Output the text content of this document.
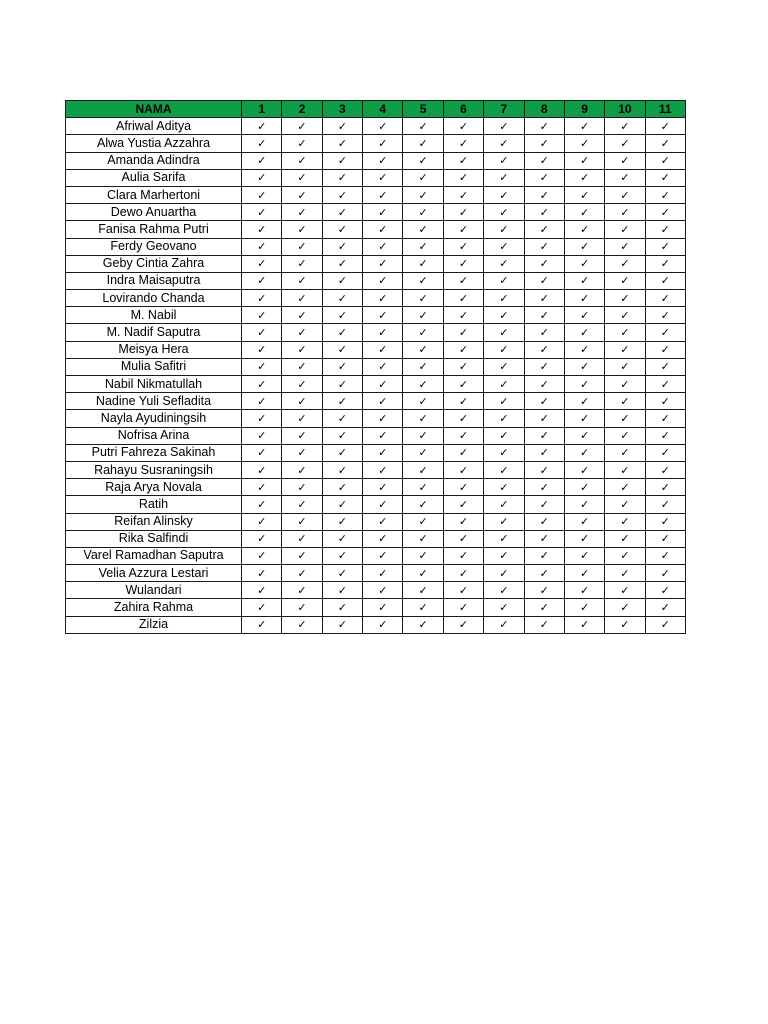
NAMA	1	2	3	4	5	6	7	8	9	10	11
Afriwal Aditya	✓	✓	✓	✓	✓	✓	✓	✓	✓	✓	✓
Alwa Yustia Azzahra	✓	✓	✓	✓	✓	✓	✓	✓	✓	✓	✓
Amanda Adindra	✓	✓	✓	✓	✓	✓	✓	✓	✓	✓	✓
Aulia Sarifa	✓	✓	✓	✓	✓	✓	✓	✓	✓	✓	✓
Clara Marhertoni	✓	✓	✓	✓	✓	✓	✓	✓	✓	✓	✓
Dewo Anuartha	✓	✓	✓	✓	✓	✓	✓	✓	✓	✓	✓
Fanisa Rahma Putri	✓	✓	✓	✓	✓	✓	✓	✓	✓	✓	✓
Ferdy Geovano	✓	✓	✓	✓	✓	✓	✓	✓	✓	✓	✓
Geby Cintia Zahra	✓	✓	✓	✓	✓	✓	✓	✓	✓	✓	✓
Indra Maisaputra	✓	✓	✓	✓	✓	✓	✓	✓	✓	✓	✓
Lovirando Chanda	✓	✓	✓	✓	✓	✓	✓	✓	✓	✓	✓
M. Nabil	✓	✓	✓	✓	✓	✓	✓	✓	✓	✓	✓
M. Nadif Saputra	✓	✓	✓	✓	✓	✓	✓	✓	✓	✓	✓
Meisya Hera	✓	✓	✓	✓	✓	✓	✓	✓	✓	✓	✓
Mulia Safitri	✓	✓	✓	✓	✓	✓	✓	✓	✓	✓	✓
Nabil Nikmatullah	✓	✓	✓	✓	✓	✓	✓	✓	✓	✓	✓
Nadine Yuli Sefladita	✓	✓	✓	✓	✓	✓	✓	✓	✓	✓	✓
Nayla Ayudiningsih	✓	✓	✓	✓	✓	✓	✓	✓	✓	✓	✓
Nofrisa Arina	✓	✓	✓	✓	✓	✓	✓	✓	✓	✓	✓
Putri Fahreza Sakinah	✓	✓	✓	✓	✓	✓	✓	✓	✓	✓	✓
Rahayu Susraningsih	✓	✓	✓	✓	✓	✓	✓	✓	✓	✓	✓
Raja Arya Novala	✓	✓	✓	✓	✓	✓	✓	✓	✓	✓	✓
Ratih	✓	✓	✓	✓	✓	✓	✓	✓	✓	✓	✓
Reifan Alinsky	✓	✓	✓	✓	✓	✓	✓	✓	✓	✓	✓
Rika Salfindi	✓	✓	✓	✓	✓	✓	✓	✓	✓	✓	✓
Varel Ramadhan Saputra	✓	✓	✓	✓	✓	✓	✓	✓	✓	✓	✓
Velia Azzura Lestari	✓	✓	✓	✓	✓	✓	✓	✓	✓	✓	✓
Wulandari	✓	✓	✓	✓	✓	✓	✓	✓	✓	✓	✓
Zahira Rahma	✓	✓	✓	✓	✓	✓	✓	✓	✓	✓	✓
Zilzia	✓	✓	✓	✓	✓	✓	✓	✓	✓	✓	✓
